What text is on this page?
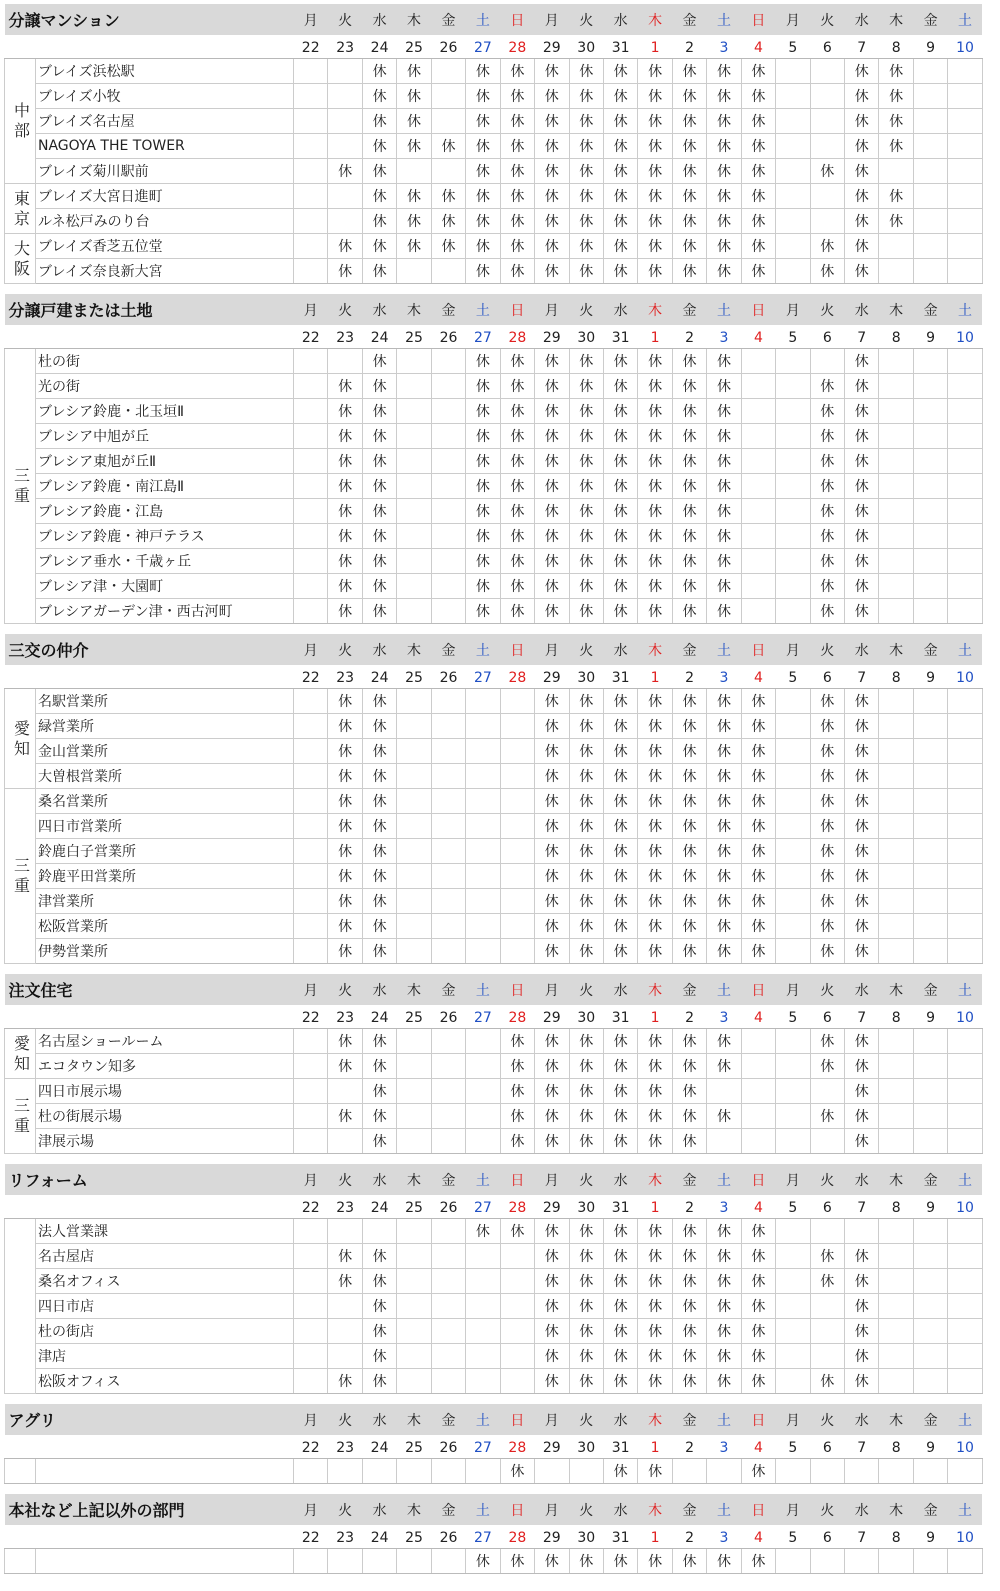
分譲マンション		月	火	水	木	金	土	日	月	火	水	木	金	土	日	月	火	水	木	金	土
		22	23	24	25	26	27	28	29	30	31	1	2	3	4	5	6	7	8	9	10
中部	ブレイズ浜松駅			休	休		休	休	休	休	休	休	休	休	休			休	休		
	ブレイズ小牧			休	休		休	休	休	休	休	休	休	休	休			休	休		
	ブレイズ名古屋			休	休		休	休	休	休	休	休	休	休	休			休	休		
	NAGOYA THE TOWER			休	休	休	休	休	休	休	休	休	休	休	休			休	休		
	ブレイズ菊川駅前		休	休			休	休	休	休	休	休	休	休	休		休	休			
東京	ブレイズ大宮日進町			休	休	休	休	休	休	休	休	休	休	休	休			休	休		
	ルネ松戸みのり台			休	休	休	休	休	休	休	休	休	休	休	休			休	休		
大阪	ブレイズ香芝五位堂		休	休	休	休	休	休	休	休	休	休	休	休	休		休	休			
	ブレイズ奈良新大宮		休	休			休	休	休	休	休	休	休	休	休		休	休			
分譲戸建または土地		月	火	水	木	金	土	日	月	火	水	木	金	土	日	月	火	水	木	金	土
		22	23	24	25	26	27	28	29	30	31	1	2	3	4	5	6	7	8	9	10
三重	杜の街			休			休	休	休	休	休	休	休	休				休			
	光の街		休	休			休	休	休	休	休	休	休	休			休	休			
	ブレシア鈴鹿・北玉垣Ⅱ		休	休			休	休	休	休	休	休	休	休			休	休			
	ブレシア中旭が丘		休	休			休	休	休	休	休	休	休	休			休	休			
	ブレシア東旭が丘Ⅱ		休	休			休	休	休	休	休	休	休	休			休	休			
	ブレシア鈴鹿・南江島Ⅱ		休	休			休	休	休	休	休	休	休	休			休	休			
	ブレシア鈴鹿・江島		休	休			休	休	休	休	休	休	休	休			休	休			
	ブレシア鈴鹿・神戸テラス		休	休			休	休	休	休	休	休	休	休			休	休			
	ブレシア垂水・千歳ヶ丘		休	休			休	休	休	休	休	休	休	休			休	休			
	ブレシア津・大園町		休	休			休	休	休	休	休	休	休	休			休	休			
	ブレシアガーデン津・西古河町		休	休			休	休	休	休	休	休	休	休			休	休			
三交の仲介		月	火	水	木	金	土	日	月	火	水	木	金	土	日	月	火	水	木	金	土
		22	23	24	25	26	27	28	29	30	31	1	2	3	4	5	6	7	8	9	10
愛知	名駅営業所		休	休					休	休	休	休	休	休	休		休	休			
	緑営業所		休	休					休	休	休	休	休	休	休		休	休			
	金山営業所		休	休					休	休	休	休	休	休	休		休	休			
	大曽根営業所		休	休					休	休	休	休	休	休	休		休	休			
三重	桑名営業所		休	休					休	休	休	休	休	休	休		休	休			
	四日市営業所		休	休					休	休	休	休	休	休	休		休	休			
	鈴鹿白子営業所		休	休					休	休	休	休	休	休	休		休	休			
	鈴鹿平田営業所		休	休					休	休	休	休	休	休	休		休	休			
	津営業所		休	休					休	休	休	休	休	休	休		休	休			
	松阪営業所		休	休					休	休	休	休	休	休	休		休	休			
	伊勢営業所		休	休					休	休	休	休	休	休	休		休	休			
注文住宅		月	火	水	木	金	土	日	月	火	水	木	金	土	日	月	火	水	木	金	土
		22	23	24	25	26	27	28	29	30	31	1	2	3	4	5	6	7	8	9	10
愛知	名古屋ショールーム		休	休				休	休	休	休	休	休	休			休	休			
	エコタウン知多		休	休				休	休	休	休	休	休	休			休	休			
三重	四日市展示場			休				休	休	休	休	休	休					休			
	杜の街展示場		休	休				休	休	休	休	休	休	休			休	休			
	津展示場			休				休	休	休	休	休	休					休			
リフォーム		月	火	水	木	金	土	日	月	火	水	木	金	土	日	月	火	水	木	金	土
		22	23	24	25	26	27	28	29	30	31	1	2	3	4	5	6	7	8	9	10
	法人営業課						休	休	休	休	休	休	休	休	休						
	名古屋店		休	休					休	休	休	休	休	休	休		休	休			
	桑名オフィス		休	休					休	休	休	休	休	休	休		休	休			
	四日市店			休					休	休	休	休	休	休	休			休			
	杜の街店			休					休	休	休	休	休	休	休			休			
	津店			休					休	休	休	休	休	休	休			休			
	松阪オフィス		休	休					休	休	休	休	休	休	休		休	休			
アグリ		月	火	水	木	金	土	日	月	火	水	木	金	土	日	月	火	水	木	金	土
		22	23	24	25	26	27	28	29	30	31	1	2	3	4	5	6	7	8	9	10
								休			休	休			休						
本社など上記以外の部門		月	火	水	木	金	土	日	月	火	水	木	金	土	日	月	火	水	木	金	土
		22	23	24	25	26	27	28	29	30	31	1	2	3	4	5	6	7	8	9	10
							休	休	休	休	休	休	休	休	休						
